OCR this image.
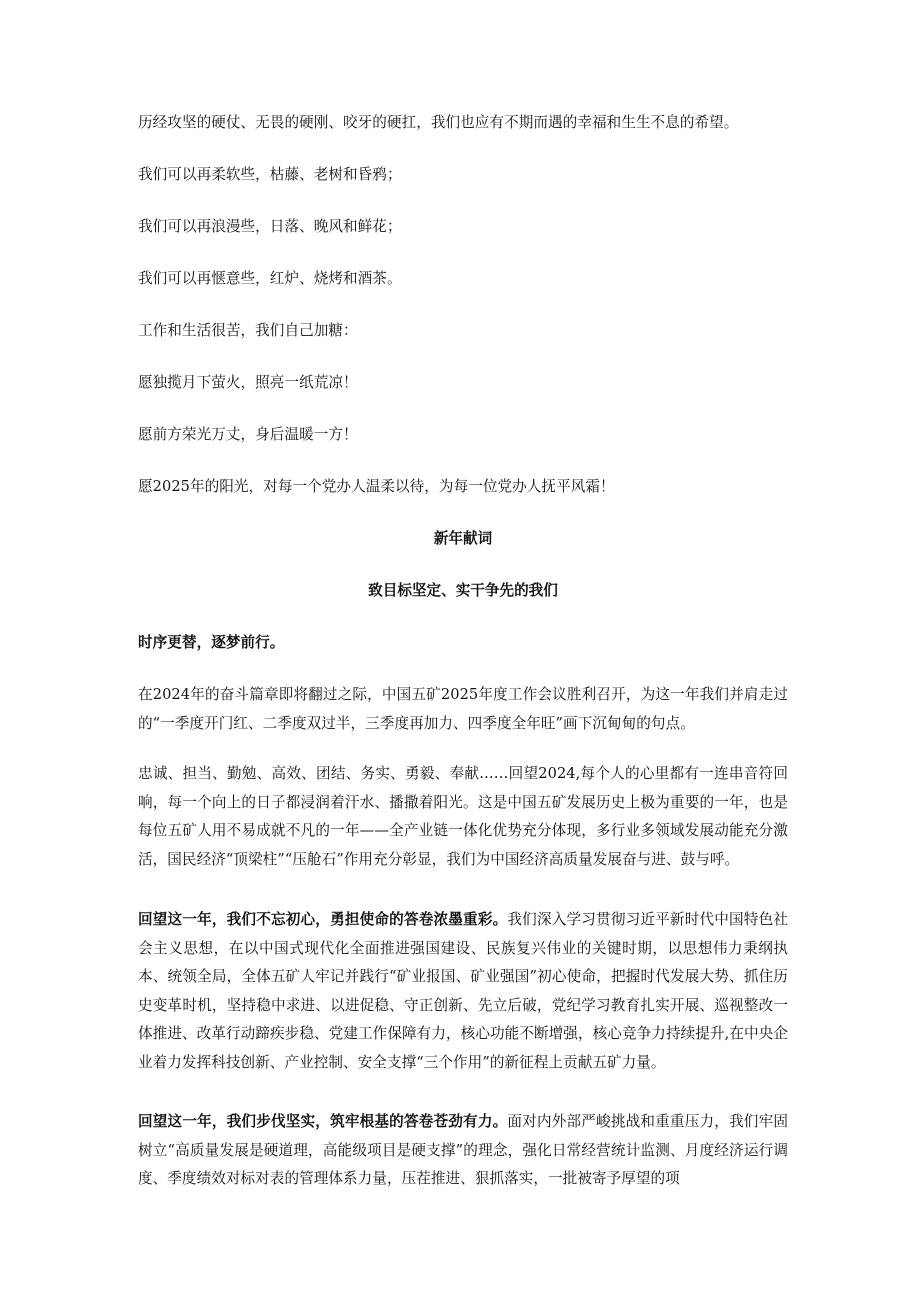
历经攻坚的硬仗、无畏的硬刚、咬牙的硬扛，我们也应有不期而遇的幸福和生生不息的希望。

我们可以再柔软些，枯藤、老树和昏鸦；

我们可以再浪漫些，日落、晚风和鲜花；

我们可以再惬意些，红炉、烧烤和酒茶。

工作和生活很苦，我们自己加糖：

愿独揽月下萤火，照亮一纸荒凉！

愿前方荣光万丈，身后温暖一方！

愿2025年的阳光，对每一个党办人温柔以待，为每一位党办人抚平风霜！

新年献词

致目标坚定、实干争先的我们

时序更替，逐梦前行。

在2024年的奋斗篇章即将翻过之际，中国五矿2025年度工作会议胜利召开，为这一年我们并肩走过的“一季度开门红、二季度双过半，三季度再加力、四季度全年旺”画下沉甸甸的句点。

忠诚、担当、勤勉、高效、团结、务实、勇毅、奉献……回望2024,每个人的心里都有一连串音符回响，每一个向上的日子都浸润着汗水、播撒着阳光。这是中国五矿发展历史上极为重要的一年，也是每位五矿人用不易成就不凡的一年——全产业链一体化优势充分体现，多行业多领域发展动能充分激活，国民经济“顶梁柱”“压舱石”作用充分彰显，我们为中国经济高质量发展奋与进、鼓与呼。

回望这一年，我们不忘初心，勇担使命的答卷浓墨重彩。我们深入学习贯彻习近平新时代中国特色社会主义思想，在以中国式现代化全面推进强国建设、民族复兴伟业的关键时期，以思想伟力秉纲执本、统领全局，全体五矿人牢记并践行“矿业报国、矿业强国”初心使命，把握时代发展大势、抓住历史变革时机，坚持稳中求进、以进促稳、守正创新、先立后破，党纪学习教育扎实开展、巡视整改一体推进、改革行动蹄疾步稳、党建工作保障有力，核心功能不断增强，核心竞争力持续提升,在中央企业着力发挥科技创新、产业控制、安全支撑“三个作用”的新征程上贡献五矿力量。

回望这一年，我们步伐坚实，筑牢根基的答卷苍劲有力。面对内外部严峻挑战和重重压力，我们牢固树立“高质量发展是硬道理，高能级项目是硬支撑”的理念，强化日常经营统计监测、月度经济运行调度、季度绩效对标对表的管理体系力量，压茬推进、狠抓落实，一批被寄予厚望的项
